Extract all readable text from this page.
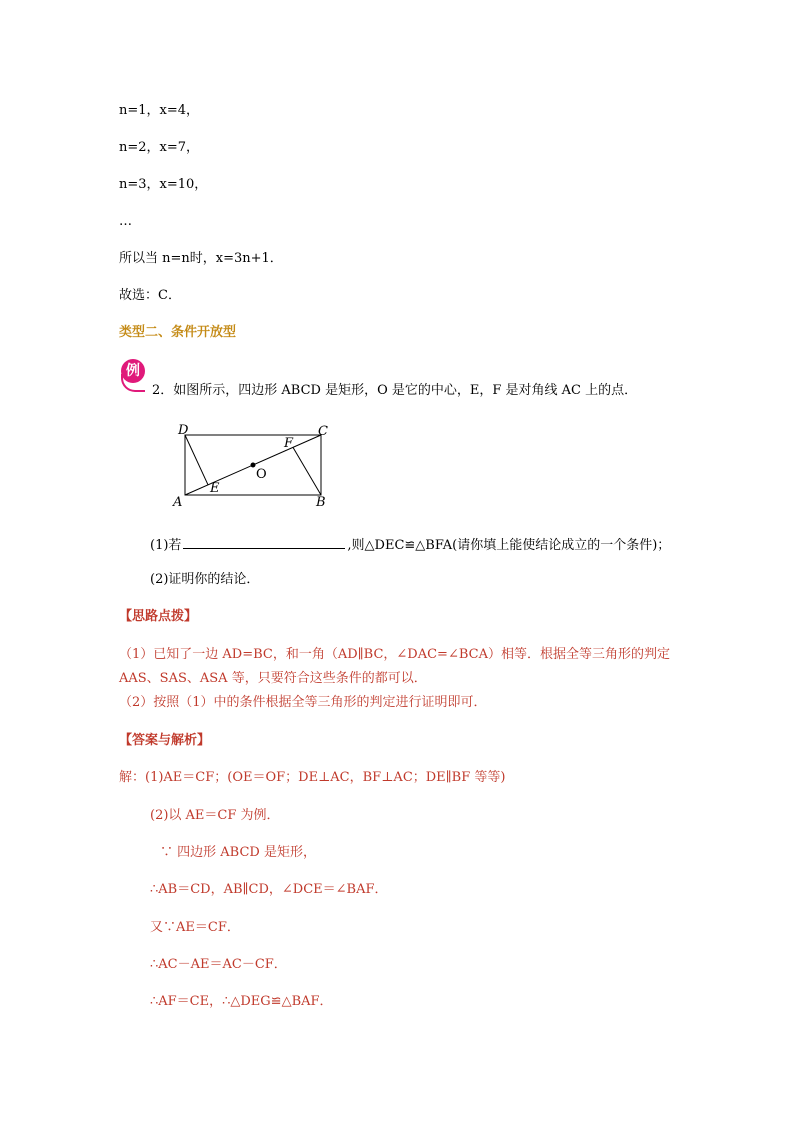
n=1，x=4，
n=2，x=7，
n=3，x=10，
…
所以当 n=n时，x=3n+1．
故选：C．
类型二、条件开放型
例
2．如图所示，四边形 ABCD 是矩形，O 是它的中心，E，F 是对角线 AC 上的点．
A	B
C
D
E
F
O
(1)若	,则△DEC≌△BFA(请你填上能使结论成立的一个条件)；
(2)证明你的结论．
【思路点拨】
（1）已知了一边 AD=BC，和一角（AD∥BC，∠DAC=∠BCA）相等．根据全等三角形的判定
AAS、SAS、ASA 等，只要符合这些条件的都可以．
（2）按照（1）中的条件根据全等三角形的判定进行证明即可．
【答案与解析】
解：(1)AE＝CF；(OE＝OF；DE⊥AC，BF⊥AC；DE∥BF 等等)
(2)以 AE＝CF 为例．
∵ 四边形 ABCD 是矩形，
∴AB＝CD，AB∥CD，∠DCE＝∠BAF．
又∵AE＝CF．
∴AC－AE＝AC－CF．
∴AF＝CE，∴△DEG≌△BAF．
